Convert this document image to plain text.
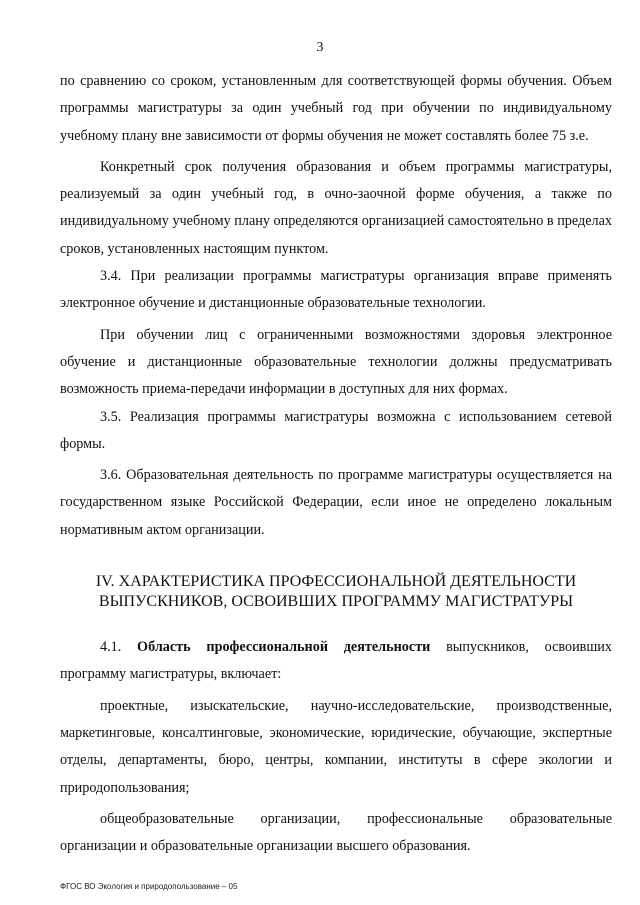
3

по сравнению со сроком, установленным для соответствующей формы обучения. Объем программы магистратуры за один учебный год при обучении по индивидуальному учебному плану вне зависимости от формы обучения не может составлять более 75 з.е.

Конкретный срок получения образования и объем программы магистратуры, реализуемый за один учебный год, в очно-заочной форме обучения, а также по индивидуальному учебному плану определяются организацией самостоятельно в пределах сроков, установленных настоящим пунктом.

3.4. При реализации программы магистратуры организация вправе применять электронное обучение и дистанционные образовательные технологии.

При обучении лиц с ограниченными возможностями здоровья электронное обучение и дистанционные образовательные технологии должны предусматривать возможность приема-передачи информации в доступных для них формах.

3.5. Реализация программы магистратуры возможна с использованием сетевой формы.

3.6. Образовательная деятельность по программе магистратуры осуществляется на государственном языке Российской Федерации, если иное не определено локальным нормативным актом организации.

IV. ХАРАКТЕРИСТИКА ПРОФЕССИОНАЛЬНОЙ ДЕЯТЕЛЬНОСТИ
ВЫПУСКНИКОВ, ОСВОИВШИХ ПРОГРАММУ МАГИСТРАТУРЫ

4.1. Область профессиональной деятельности выпускников, освоивших программу магистратуры, включает:

проектные, изыскательские, научно-исследовательские, производственные, маркетинговые, консалтинговые, экономические, юридические, обучающие, экспертные отделы, департаменты, бюро, центры, компании, институты в сфере экологии и природопользования;

общеобразовательные организации, профессиональные образовательные организации и образовательные организации высшего образования.

ФГОС ВО Экология и природопользование – 05
